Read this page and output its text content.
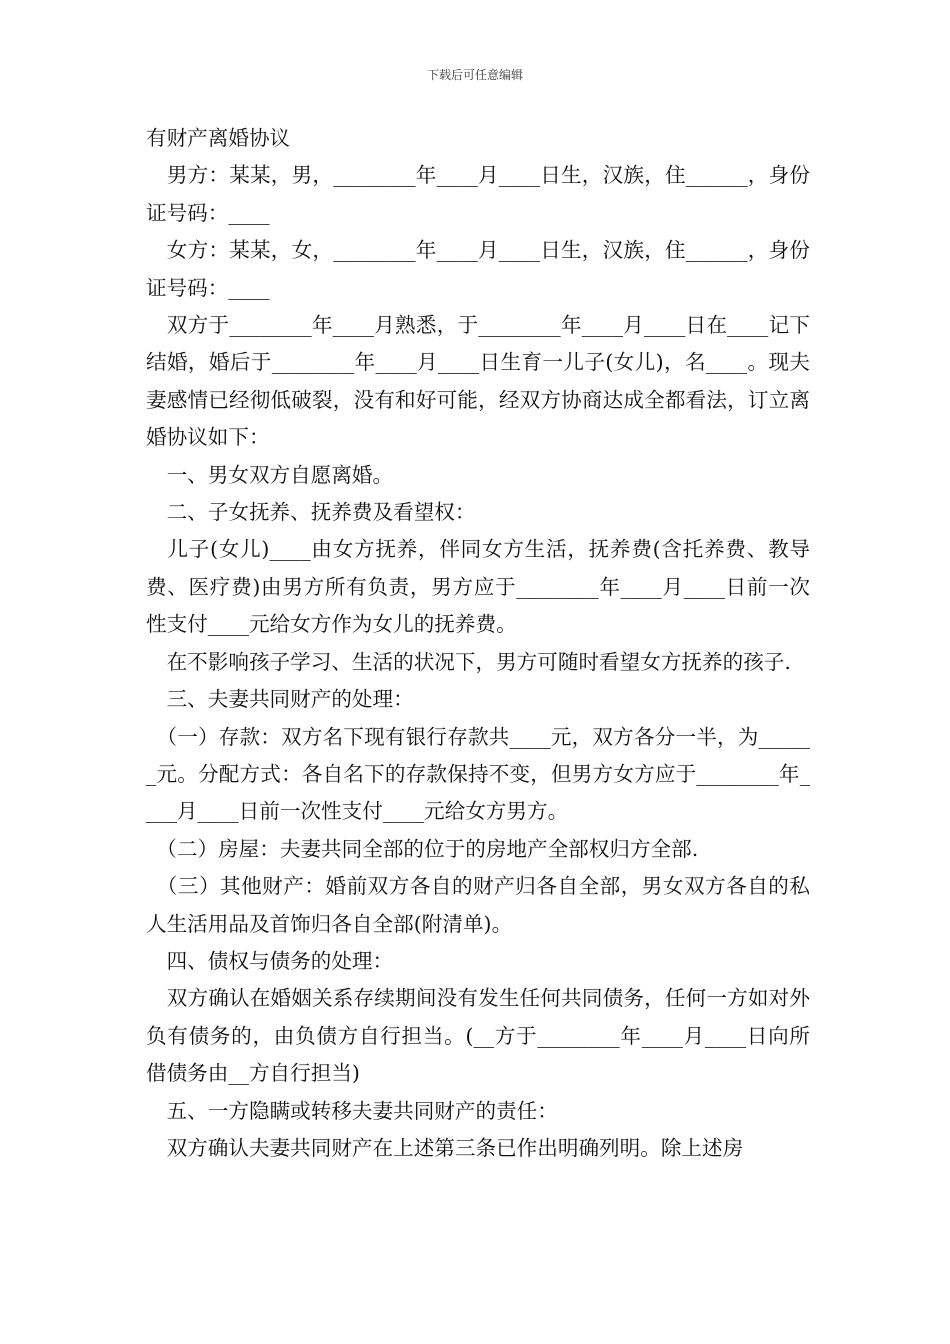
下载后可任意编辑

有财产离婚协议

　男方：某某，男，________年____月____日生，汉族，住______，身份证号码：____

　女方：某某，女，________年____月____日生，汉族，住______，身份证号码：____

　双方于________年____月熟悉，于________年____月____日在____记下结婚，婚后于________年____月____日生育一儿子(女儿)，名____。现夫妻感情已经彻低破裂，没有和好可能，经双方协商达成全都看法，订立离婚协议如下：

　一、男女双方自愿离婚。

　二、子女抚养、抚养费及看望权：

　儿子(女儿)____由女方抚养，伴同女方生活，抚养费(含托养费、教导费、医疗费)由男方所有负责，男方应于________年____月____日前一次性支付____元给女方作为女儿的抚养费。

　在不影响孩子学习、生活的状况下，男方可随时看望女方抚养的孩子.

　三、夫妻共同财产的处理：

　（一）存款：双方名下现有银行存款共____元，双方各分一半，为______元。分配方式：各自名下的存款保持不变，但男方女方应于________年____月____日前一次性支付____元给女方男方。

　（二）房屋：夫妻共同全部的位于的房地产全部权归方全部.

　（三）其他财产：婚前双方各自的财产归各自全部，男女双方各自的私人生活用品及首饰归各自全部(附清单)。

　四、债权与债务的处理：

　双方确认在婚姻关系存续期间没有发生任何共同债务，任何一方如对外负有债务的，由负债方自行担当。(__方于________年____月____日向所借债务由__方自行担当)

　五、一方隐瞒或转移夫妻共同财产的责任：

　双方确认夫妻共同财产在上述第三条已作出明确列明。除上述房
